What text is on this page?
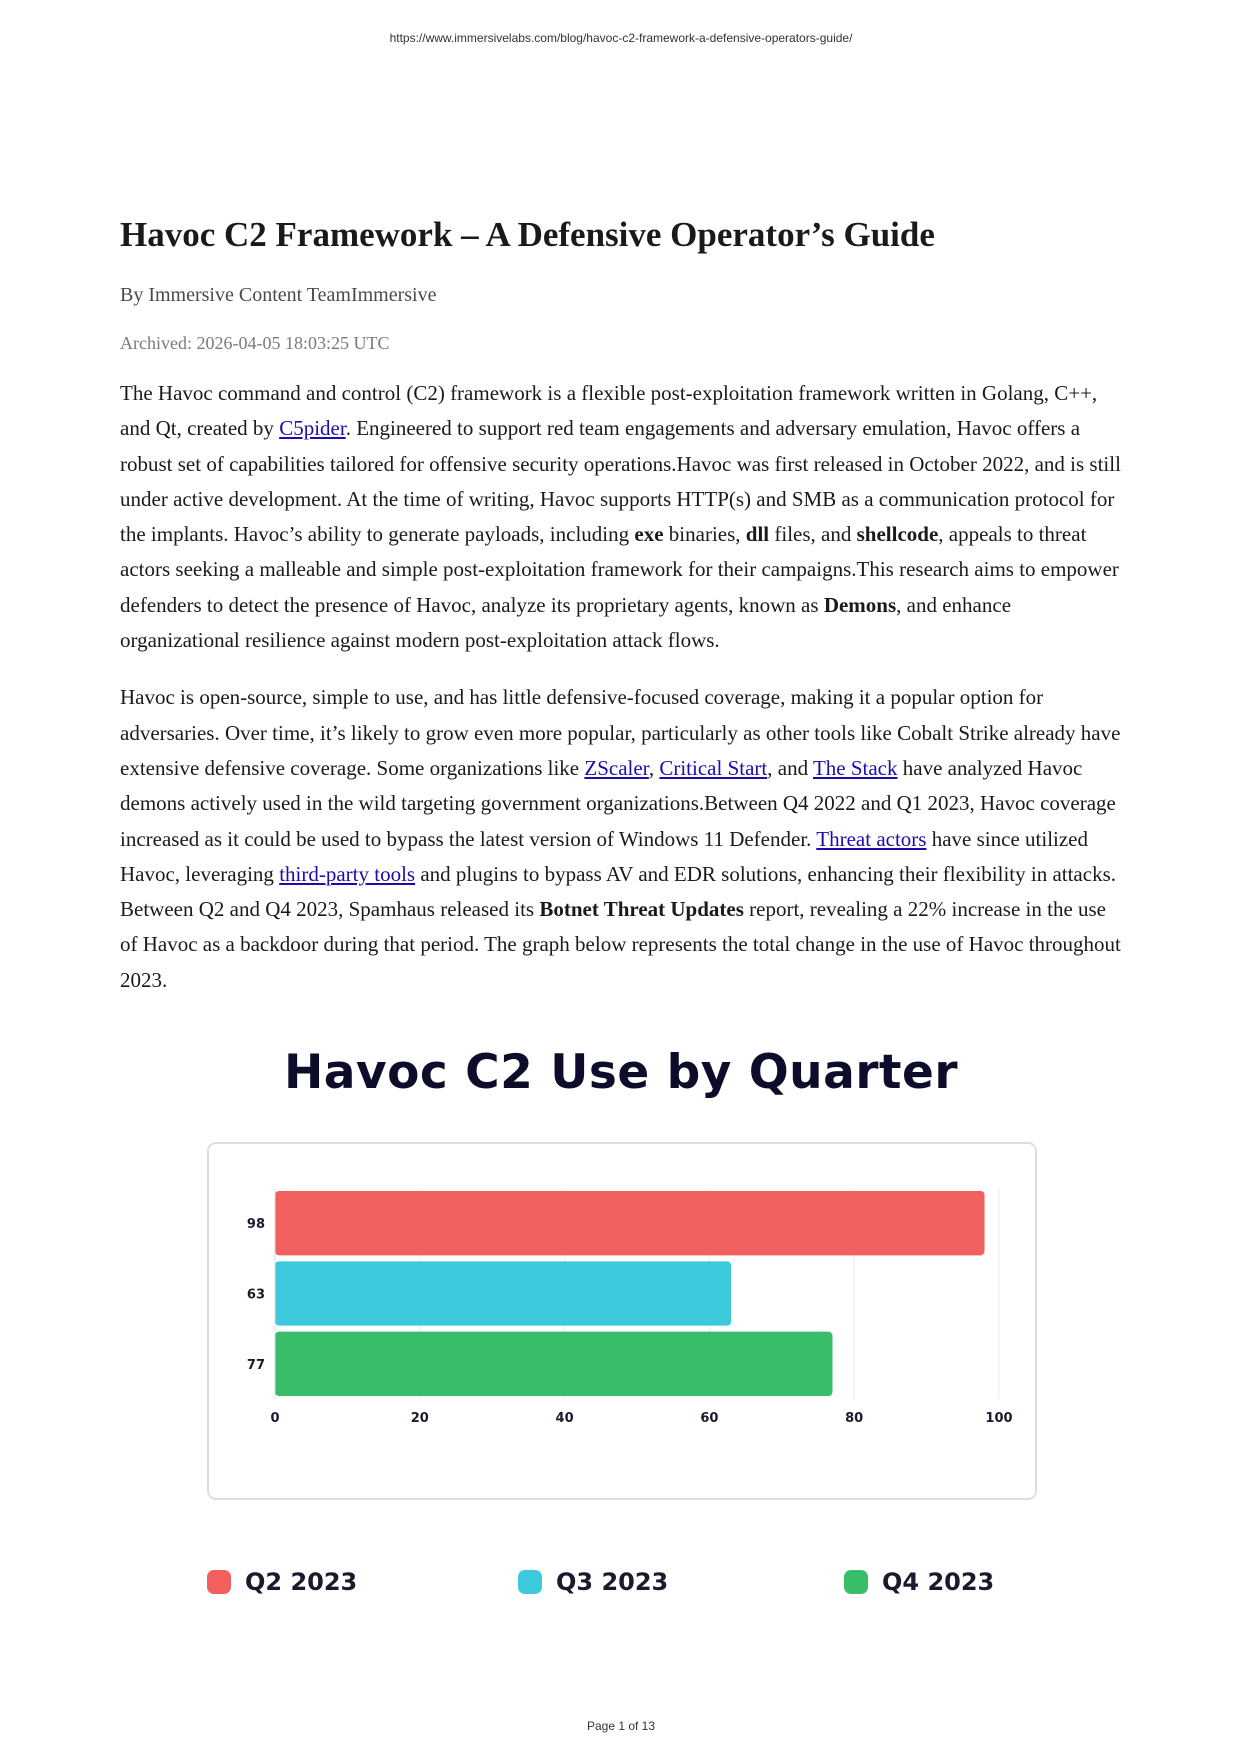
https://www.immersivelabs.com/blog/havoc-c2-framework-a-defensive-operators-guide/
Havoc C2 Framework – A Defensive Operator’s Guide
By Immersive Content TeamImmersive
Archived: 2026-04-05 18:03:25 UTC

The Havoc command and control (C2) framework is a flexible post-exploitation framework written in Golang, C++, and Qt, created by C5pider. Engineered to support red team engagements and adversary emulation, Havoc offers a robust set of capabilities tailored for offensive security operations.Havoc was first released in October 2022, and is still under active development. At the time of writing, Havoc supports HTTP(s) and SMB as a communication protocol for the implants. Havoc’s ability to generate payloads, including exe binaries, dll files, and shellcode, appeals to threat actors seeking a malleable and simple post-exploitation framework for their campaigns.This research aims to empower defenders to detect the presence of Havoc, analyze its proprietary agents, known as Demons, and enhance organizational resilience against modern post-exploitation attack flows.

Havoc is open-source, simple to use, and has little defensive-focused coverage, making it a popular option for adversaries. Over time, it’s likely to grow even more popular, particularly as other tools like Cobalt Strike already have extensive defensive coverage. Some organizations like ZScaler, Critical Start, and The Stack have analyzed Havoc demons actively used in the wild targeting government organizations.Between Q4 2022 and Q1 2023, Havoc coverage increased as it could be used to bypass the latest version of Windows 11 Defender. Threat actors have since utilized Havoc, leveraging third-party tools and plugins to bypass AV and EDR solutions, enhancing their flexibility in attacks. Between Q2 and Q4 2023, Spamhaus released its Botnet Threat Updates report, revealing a 22% increase in the use of Havoc as a backdoor during that period. The graph below represents the total change in the use of Havoc throughout 2023.

Havoc C2 Use by Quarter
0	20	40	60	80	100
98
63
77
Q2 2023	Q3 2023	Q4 2023
Page 1 of 13
